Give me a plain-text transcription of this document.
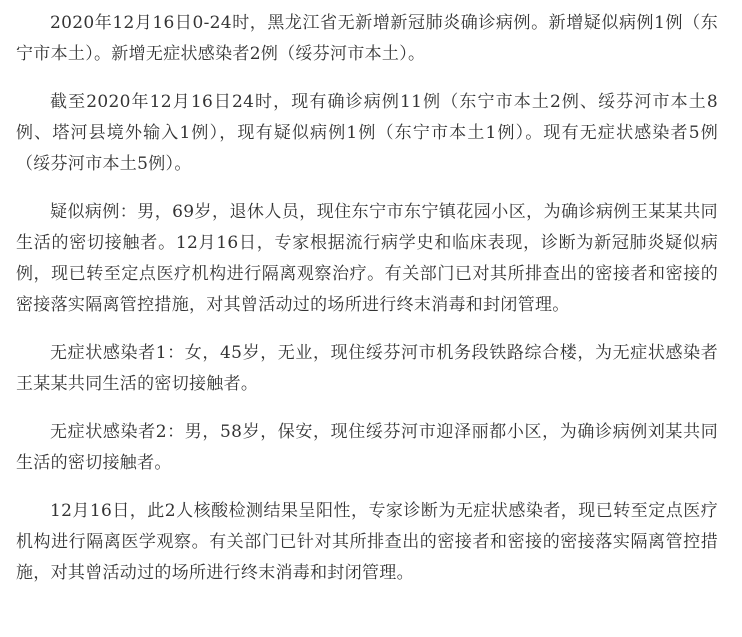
2020年12月16日0-24时，黑龙江省无新增新冠肺炎确诊病例。新增疑似病例1例（东宁市本土）。新增无症状感染者2例（绥芬河市本土）。

截至2020年12月16日24时，现有确诊病例11例（东宁市本土2例、绥芬河市本土8例、塔河县境外输入1例），现有疑似病例1例（东宁市本土1例）。现有无症状感染者5例（绥芬河市本土5例）。

疑似病例：男，69岁，退休人员，现住东宁市东宁镇花园小区，为确诊病例王某某共同生活的密切接触者。12月16日，专家根据流行病学史和临床表现，诊断为新冠肺炎疑似病例，现已转至定点医疗机构进行隔离观察治疗。有关部门已对其所排查出的密接者和密接的密接落实隔离管控措施，对其曾活动过的场所进行终末消毒和封闭管理。

无症状感染者1：女，45岁，无业，现住绥芬河市机务段铁路综合楼，为无症状感染者王某某共同生活的密切接触者。

无症状感染者2：男，58岁，保安，现住绥芬河市迎泽丽都小区，为确诊病例刘某共同生活的密切接触者。

12月16日，此2人核酸检测结果呈阳性，专家诊断为无症状感染者，现已转至定点医疗机构进行隔离医学观察。有关部门已针对其所排查出的密接者和密接的密接落实隔离管控措施，对其曾活动过的场所进行终末消毒和封闭管理。
